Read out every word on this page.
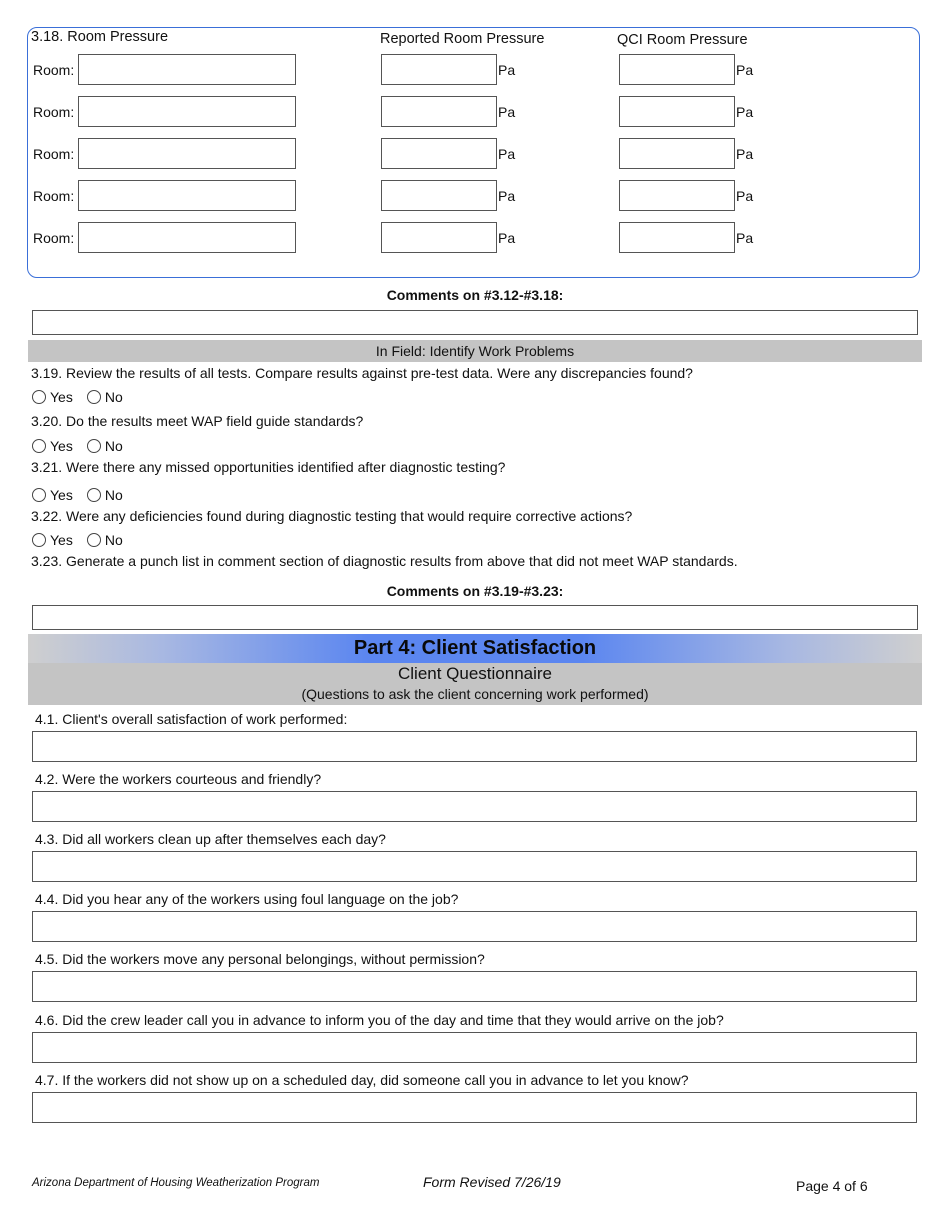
3.18. Room Pressure	Reported Room Pressure	QCI Room Pressure
Room:	Pa	Pa
Room:	Pa	Pa
Room:	Pa	Pa
Room:	Pa	Pa
Room:	Pa	Pa
Comments on #3.12-#3.18:
In Field: Identify Work Problems
3.19. Review the results of all tests. Compare results against pre-test data. Were any discrepancies found?
Yes No
3.20. Do the results meet WAP field guide standards?
Yes No
3.21. Were there any missed opportunities identified after diagnostic testing?
Yes No
3.22. Were any deficiencies found during diagnostic testing that would require corrective actions?
Yes No
3.23. Generate a punch list in comment section of diagnostic results from above that did not meet WAP standards.
Comments on #3.19-#3.23:
Part 4: Client Satisfaction
Client Questionnaire
(Questions to ask the client concerning work performed)
4.1. Client's overall satisfaction of work performed:
4.2. Were the workers courteous and friendly?
4.3. Did all workers clean up after themselves each day?
4.4. Did you hear any of the workers using foul language on the job?
4.5. Did the workers move any personal belongings, without permission?
4.6. Did the crew leader call you in advance to inform you of the day and time that they would arrive on the job?
4.7. If the workers did not show up on a scheduled day, did someone call you in advance to let you know?
Arizona Department of Housing Weatherization Program	Form Revised 7/26/19	Page 4 of 6
